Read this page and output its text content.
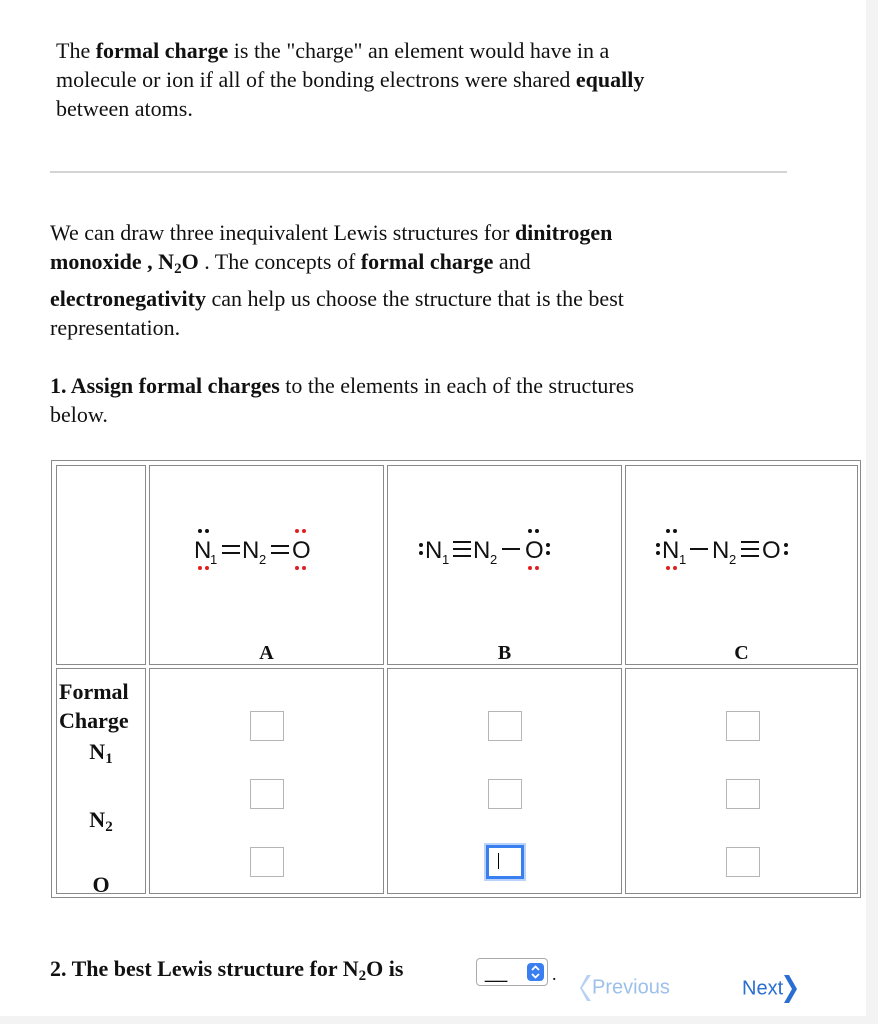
The formal charge is the "charge" an element would have in a
molecule or ion if all of the bonding electrons were shared equally
between atoms.

We can draw three inequivalent Lewis structures for dinitrogen
monoxide , $N_2O$ . The concepts of formal charge and
electronegativity can help us choose the structure that is the best
representation.

1. Assign formal charges to the elements in each of the structures
below.

N
1 N 2 O
A
N 1 N 2 O
B
N 1 N 2 O
C
Formal
Charge
$N_1$
$N_2$
O
2. The best Lewis structure for $N_2O$ is	__ .
Previous	Next
